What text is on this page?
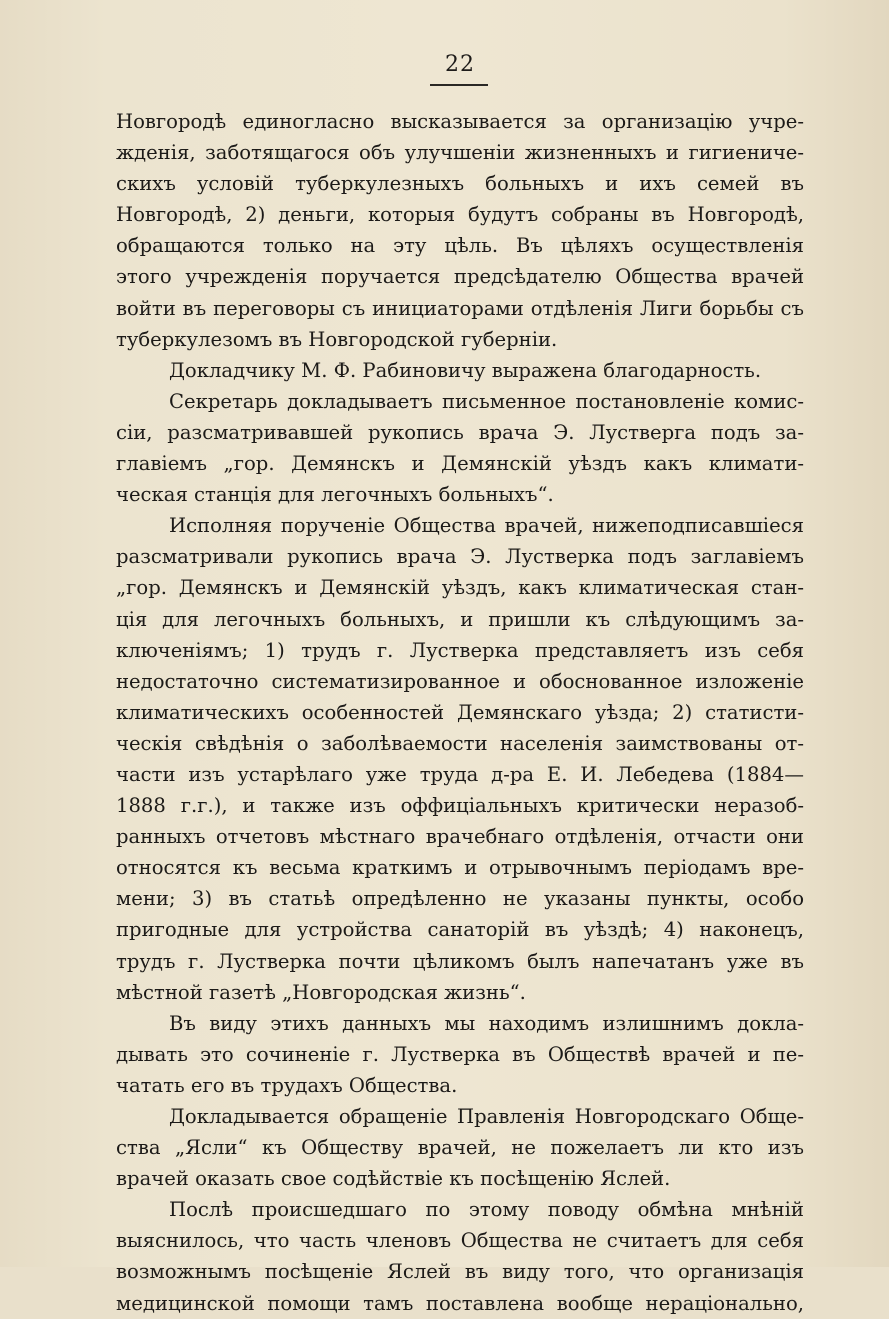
22
Новгородѣ единогласно высказывается за организацію учре-
жденія, заботящагося объ улучшеніи жизненныхъ и гигиениче-
скихъ условій туберкулезныхъ больныхъ и ихъ семей въ
Новгородѣ, 2) деньги, которыя будутъ собраны въ Новгородѣ,
обращаются только на эту цѣль. Въ цѣляхъ осуществленія
этого учрежденія поручается предсѣдателю Общества врачей
войти въ переговоры съ инициаторами отдѣленія Лиги борьбы съ
туберкулезомъ въ Новгородской губерніи.
Докладчику М. Ф. Рабиновичу выражена благодарность.
Секретарь докладываетъ письменное постановленіе комис-
сіи, разсматривавшей рукопись врача Э. Лустверга подъ за-
главіемъ „гор. Демянскъ и Демянскій уѣздъ какъ климати-
ческая станція для легочныхъ больныхъ“.
Исполняя порученіе Общества врачей, нижеподписавшіеся
разсматривали рукопись врача Э. Лустверка подъ заглавіемъ
„гор. Демянскъ и Демянскій уѣздъ, какъ климатическая стан-
ція для легочныхъ больныхъ, и пришли къ слѣдующимъ за-
ключеніямъ; 1) трудъ г. Лустверка представляетъ изъ себя
недостаточно систематизированное и обоснованное изложеніе
климатическихъ особенностей Демянскаго уѣзда; 2) статисти-
ческія свѣдѣнія о заболѣваемости населенія заимствованы от-
части изъ устарѣлаго уже труда д-ра Е. И. Лебедева (1884—
1888 г.г.), и также изъ оффиціальныхъ критически неразоб-
ранныхъ отчетовъ мѣстнаго врачебнаго отдѣленія, отчасти они
относятся къ весьма краткимъ и отрывочнымъ періодамъ вре-
мени; 3) въ статьѣ опредѣленно не указаны пункты, особо
пригодные для устройства санаторій въ уѣздѣ; 4) наконецъ,
трудъ г. Лустверка почти цѣликомъ былъ напечатанъ уже въ
мѣстной газетѣ „Новгородская жизнь“.
Въ виду этихъ данныхъ мы находимъ излишнимъ докла-
дывать это сочиненіе г. Лустверка въ Обществѣ врачей и пе-
чатать его въ трудахъ Общества.
Докладывается обращеніе Правленія Новгородскаго Обще-
ства „Ясли“ къ Обществу врачей, не пожелаетъ ли кто изъ
врачей оказать свое содѣйствіе къ посѣщенію Яслей.
Послѣ происшедшаго по этому поводу обмѣна мнѣній
выяснилось, что часть членовъ Общества не считаетъ для себя
возможнымъ посѣщеніе Яслей въ виду того, что организація
медицинской помощи тамъ поставлена вообще нераціонально,
